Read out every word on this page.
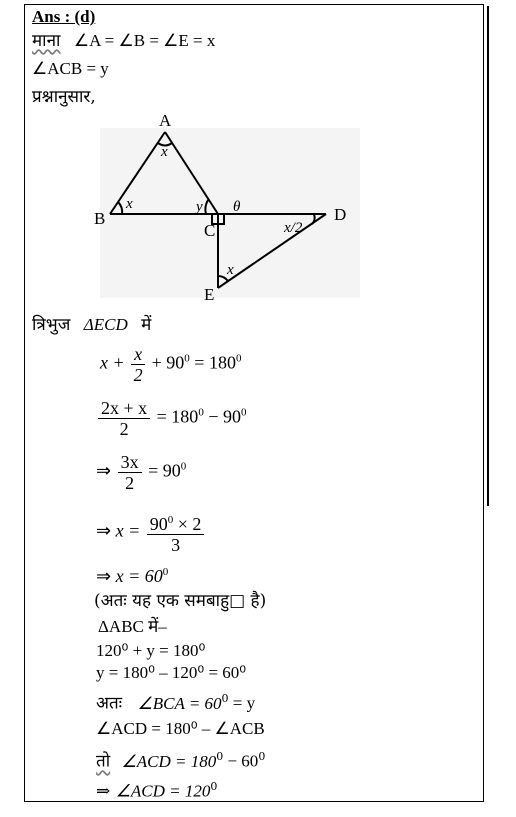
Ans : (d)
माना ∠A = ∠B = ∠E = x
∠ACB = y
प्रश्नानुसार,
A
B
C
D
E
x
x	y θ
x/2
x
त्रिभुज ΔECD में
$x + \frac{x}{2} + 90^0 = 180^0$
$\frac{2x + x}{2} = 180^0 - 90^0$
⇒ $\frac{3x}{2} = 90^0$
⇒ $x = \frac{90^0 \times 2}{3}$
⇒ $x = 60^0$
(अतः यह एक समबाहु□ है)
ΔABC में–
120⁰ + y = 180⁰
y = 180⁰ – 120⁰ = 60⁰
अतः ∠BCA = $60^0 = y$
∠ACD = 180⁰ – ∠ACB
तो ∠ACD = $180^0 - 60^0$
⇒ ∠ACD = $120^0$
